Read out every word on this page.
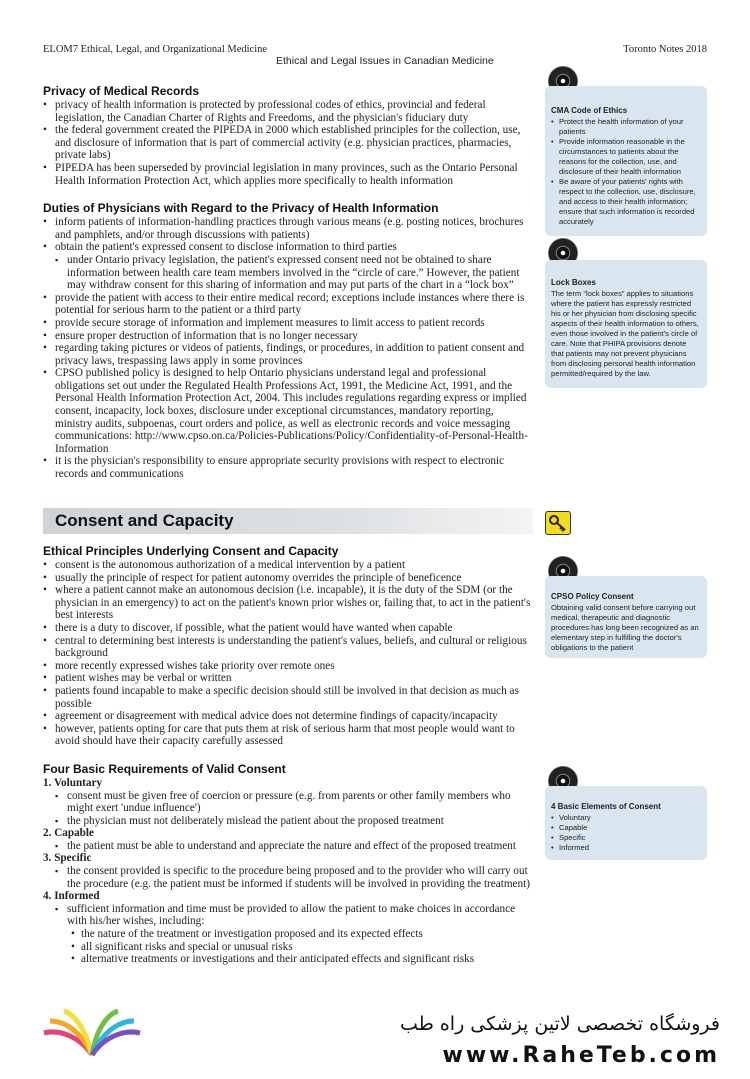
ELOM7 Ethical, Legal, and Organizational Medicine
Ethical and Legal Issues in Canadian Medicine
Toronto Notes 2018
Privacy of Medical Records
• privacy of health information is protected by professional codes of ethics, provincial and federal legislation, the Canadian Charter of Rights and Freedoms, and the physician's fiduciary duty
• the federal government created the PIPEDA in 2000 which established principles for the collection, use, and disclosure of information that is part of commercial activity (e.g. physician practices, pharmacies, private labs)
• PIPEDA has been superseded by provincial legislation in many provinces, such as the Ontario Personal Health Information Protection Act, which applies more specifically to health information
Duties of Physicians with Regard to the Privacy of Health Information
• inform patients of information-handling practices through various means (e.g. posting notices, brochures and pamphlets, and/or through discussions with patients)
• obtain the patient's expressed consent to disclose information to third parties
▪ under Ontario privacy legislation, the patient's expressed consent need not be obtained to share information between health care team members involved in the “circle of care.” However, the patient may withdraw consent for this sharing of information and may put parts of the chart in a “lock box”
• provide the patient with access to their entire medical record; exceptions include instances where there is potential for serious harm to the patient or a third party
• provide secure storage of information and implement measures to limit access to patient records
• ensure proper destruction of information that is no longer necessary
• regarding taking pictures or videos of patients, findings, or procedures, in addition to patient consent and privacy laws, trespassing laws apply in some provinces
• CPSO published policy is designed to help Ontario physicians understand legal and professional obligations set out under the Regulated Health Professions Act, 1991, the Medicine Act, 1991, and the Personal Health Information Protection Act, 2004. This includes regulations regarding express or implied consent, incapacity, lock boxes, disclosure under exceptional circumstances, mandatory reporting, ministry audits, subpoenas, court orders and police, as well as electronic records and voice messaging communications: http://www.cpso.on.ca/Policies-Publications/Policy/Confidentiality-of-Personal-Health-Information
• it is the physician's responsibility to ensure appropriate security provisions with respect to electronic records and communications
Consent and Capacity
Ethical Principles Underlying Consent and Capacity
• consent is the autonomous authorization of a medical intervention by a patient
• usually the principle of respect for patient autonomy overrides the principle of beneficence
• where a patient cannot make an autonomous decision (i.e. incapable), it is the duty of the SDM (or the physician in an emergency) to act on the patient's known prior wishes or, failing that, to act in the patient's best interests
• there is a duty to discover, if possible, what the patient would have wanted when capable
• central to determining best interests is understanding the patient's values, beliefs, and cultural or religious background
• more recently expressed wishes take priority over remote ones
• patient wishes may be verbal or written
• patients found incapable to make a specific decision should still be involved in that decision as much as possible
• agreement or disagreement with medical advice does not determine findings of capacity/incapacity
• however, patients opting for care that puts them at risk of serious harm that most people would want to avoid should have their capacity carefully assessed
Four Basic Requirements of Valid Consent
1. Voluntary
▪ consent must be given free of coercion or pressure (e.g. from parents or other family members who might exert 'undue influence')
▪ the physician must not deliberately mislead the patient about the proposed treatment
2. Capable
▪ the patient must be able to understand and appreciate the nature and effect of the proposed treatment
3. Specific
▪ the consent provided is specific to the procedure being proposed and to the provider who will carry out the procedure (e.g. the patient must be informed if students will be involved in providing the treatment)
4. Informed
▪ sufficient information and time must be provided to allow the patient to make choices in accordance with his/her wishes, including:
• the nature of the treatment or investigation proposed and its expected effects
• all significant risks and special or unusual risks
• alternative treatments or investigations and their anticipated effects and significant risks
CMA Code of Ethics
• Protect the health information of your patients
• Provide information reasonable in the circumstances to patients about the reasons for the collection, use, and disclosure of their health information
• Be aware of your patients' rights with respect to the collection, use, disclosure, and access to their health information; ensure that such information is recorded accurately
Lock Boxes
The term “lock boxes” applies to situations where the patient has expressly restricted his or her physician from disclosing specific aspects of their health information to others, even those involved in the patient's circle of care. Note that PHIPA provisions denote that patients may not prevent physicians from disclosing personal health information permitted/required by the law.
CPSO Policy Consent
Obtaining valid consent before carrying out medical, therapeutic and diagnostic procedures has long been recognized as an elementary step in fulfilling the doctor's obligations to the patient
4 Basic Elements of Consent
• Voluntary
• Capable
• Specific
• Informed
فروشگاه تخصصی لاتین پزشکی راه طب
www.RaheTeb.com
